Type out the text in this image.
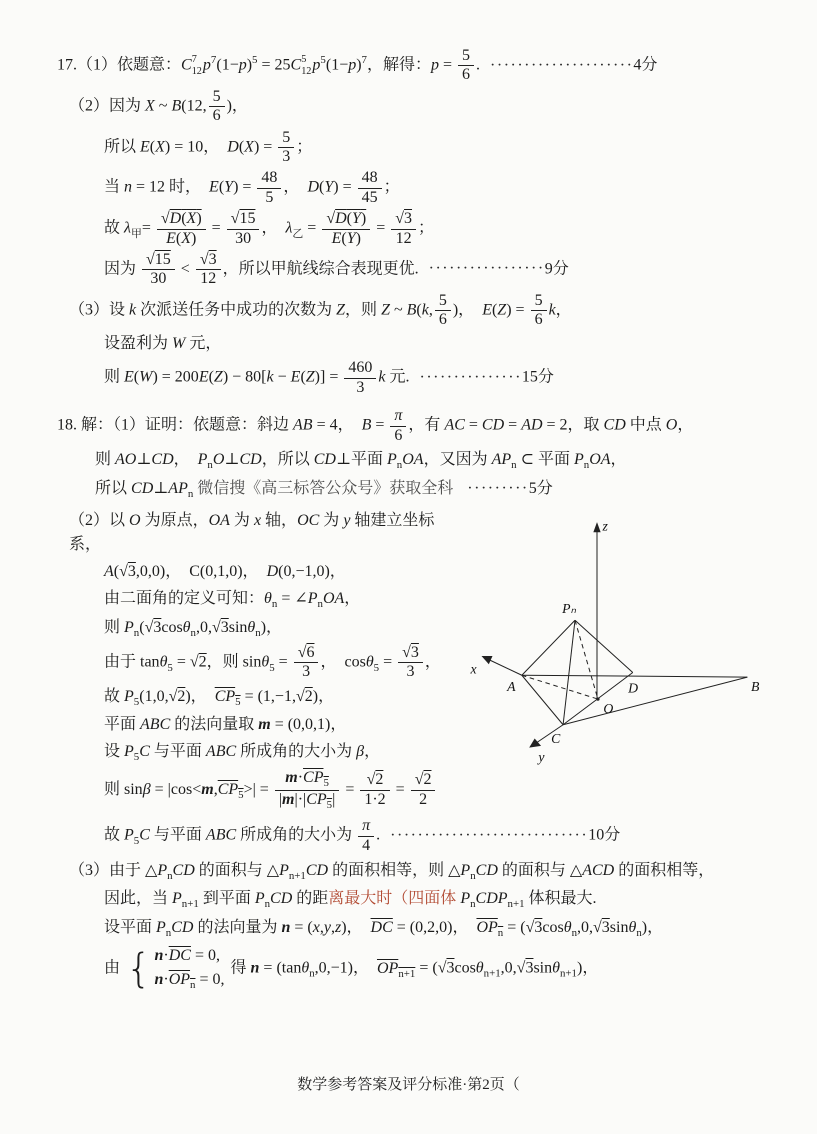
17.（1）依题意：C 7
12 $p^7(1-p)^5 = 25C$ 5
12 $p^5(1-p)^7$，解得：$p = \frac{5}{6}$ . ·····················4分
（2）因为 X ~ B(12, $\frac{5}{6}$ )，
所以 E(X) = 10，　$D(X) = \frac{5}{3}$ ；
当 n = 12 时，　$E(Y) = \frac{48}{5}$ ，　$D(Y) = \frac{48}{45}$ ；
故 $\lambda_甲= \frac{√D(X)}{E(X)} = \frac{√15}{30}$ ，　$\lambda_乙 = \frac{√D(Y)}{E(Y)} = \frac{√3}{12}$ ；
因为 $\frac{√15}{30} < \frac{√3}{12}$ ，所以甲航线综合表现更优. ·················9分
（3）设 k 次派送任务中成功的次数为 Z，则 Z ~ B(k, $\frac{5}{6}$ )，　$E(Z) = \frac{5}{6}$ k，
设盈利为 W 元，
则 $E(W) = 200E(Z) - 80[k - E(Z)] = \frac{460}{3}$ k 元. ···············15分
18. 解：（1）证明：依题意：斜边 AB = 4，　$B = \frac{\pi}{6}$ ，有 AC = CD = AD = 2，取 CD 中点 O，
则 AO⊥CD，　$P_nO\perp CD$，所以 CD⊥平面 $P_nOA$，又因为 $AP_n$ ⊂ 平面 $P_nOA$，
所以 $CD\perp AP_n$ 微信搜《高三标答公众号》获取全科 ·········5分
（2）以 O 为原点，OA 为 x 轴，OC 为 y 轴建立坐标系，
A(√3,0,0)，　C(0,1,0)，　D(0,−1,0)，
由二面角的定义可知：$\theta_n$ = $\angle P_nOA$，
则 $P_n(√3\cos\theta_n,0,√3\sin\theta_n)$，
由于 tanθ$_5$ = √2，则 $\sin\theta_5 = \frac{√6}{3}$ ，　$\cos\theta_5 = \frac{√3}{3}$ ，
故 $P_5(1,0,√2)$，　$CP_5 = (1,-1,√2)$，
平面 ABC 的法向量取 m = (0,0,1)，
设 $P_5C$ 与平面 ABC 所成角的大小为 β，
则 $\sin\beta = |\cos<m,CP_5>| = \frac{m\cdot CP_5}{|m|\cdot|CP_5|} = \frac{√2}{1\cdot 2} = \frac{√2}{2}$
z
x
y
Pₙ
A	B
C
D
O
故 $P_5C$ 与平面 ABC 所成角的大小为 $\frac{\pi}{4}$ . ·····························10分
（3）由于 $\triangle P_nCD$ 的面积与 $\triangle P_{n+1}CD$ 的面积相等，则 $\triangle P_nCD$ 的面积与 △ACD 的面积相等，
因此，当 $P_{n+1}$ 到平面 $P_nCD$ 的距离最大时（四面体 $P_nCDP_{n+1}$ 体积最大.
设平面 $P_nCD$ 的法向量为 n = (x,y,z)，　$\overline{DC} = (0,2,0)$，　$OP_n = (√3\cos\theta_n,0,√3\sin\theta_n)$，
由 { $n\cdot\overline{DC} = 0$,
$n\cdot OP_n = 0$,
得 n = (tanθ$_n$,0,−1)，　$OP_{n+1} = (√3\cos\theta_{n+1},0,√3\sin\theta_{n+1})$，
数学参考答案及评分标准·第2页（
